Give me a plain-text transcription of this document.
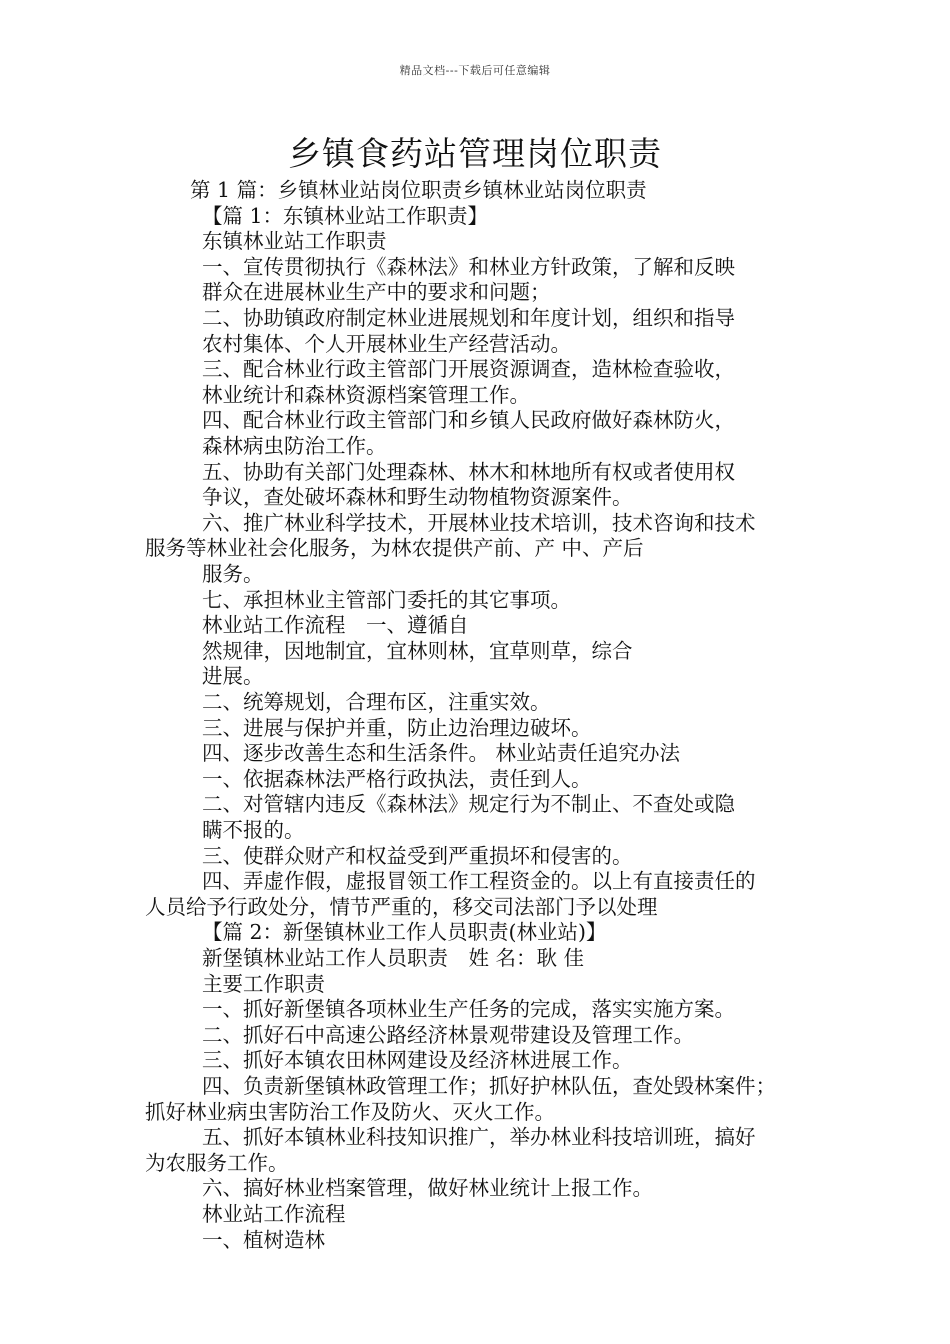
精品文档---下载后可任意编辑
乡镇食药站管理岗位职责
第 1 篇：乡镇林业站岗位职责乡镇林业站岗位职责
【篇 1：东镇林业站工作职责】
东镇林业站工作职责
一、宣传贯彻执行《森林法》和林业方针政策，了解和反映
群众在进展林业生产中的要求和问题；
二、协助镇政府制定林业进展规划和年度计划，组织和指导
农村集体、个人开展林业生产经营活动。
三、配合林业行政主管部门开展资源调查，造林检查验收，
林业统计和森林资源档案管理工作。
四、配合林业行政主管部门和乡镇人民政府做好森林防火，
森林病虫防治工作。
五、协助有关部门处理森林、林木和林地所有权或者使用权
争议，查处破坏森林和野生动物植物资源案件。
六、推广林业科学技术，开展林业技术培训，技术咨询和技术
服务等林业社会化服务，为林农提供产前、产 中、产后
服务。
七、承担林业主管部门委托的其它事项。
林业站工作流程　一、遵循自
然规律，因地制宜，宜林则林，宜草则草，综合
进展。
二、统筹规划，合理布区，注重实效。
三、进展与保护并重，防止边治理边破坏。
四、逐步改善生态和生活条件。 林业站责任追究办法
一、依据森林法严格行政执法，责任到人。
二、对管辖内违反《森林法》规定行为不制止、不查处或隐
瞒不报的。
三、使群众财产和权益受到严重损坏和侵害的。
四、弄虚作假，虚报冒领工作工程资金的。以上有直接责任的
人员给予行政处分，情节严重的，移交司法部门予以处理
【篇 2：新堡镇林业工作人员职责(林业站)】
新堡镇林业站工作人员职责　姓 名：耿 佳
主要工作职责
一、抓好新堡镇各项林业生产任务的完成，落实实施方案。
二、抓好石中高速公路经济林景观带建设及管理工作。
三、抓好本镇农田林网建设及经济林进展工作。
四、负责新堡镇林政管理工作；抓好护林队伍，查处毁林案件；
抓好林业病虫害防治工作及防火、灭火工作。
五、抓好本镇林业科技知识推广，举办林业科技培训班，搞好
为农服务工作。
六、搞好林业档案管理，做好林业统计上报工作。
林业站工作流程
一、植树造林
